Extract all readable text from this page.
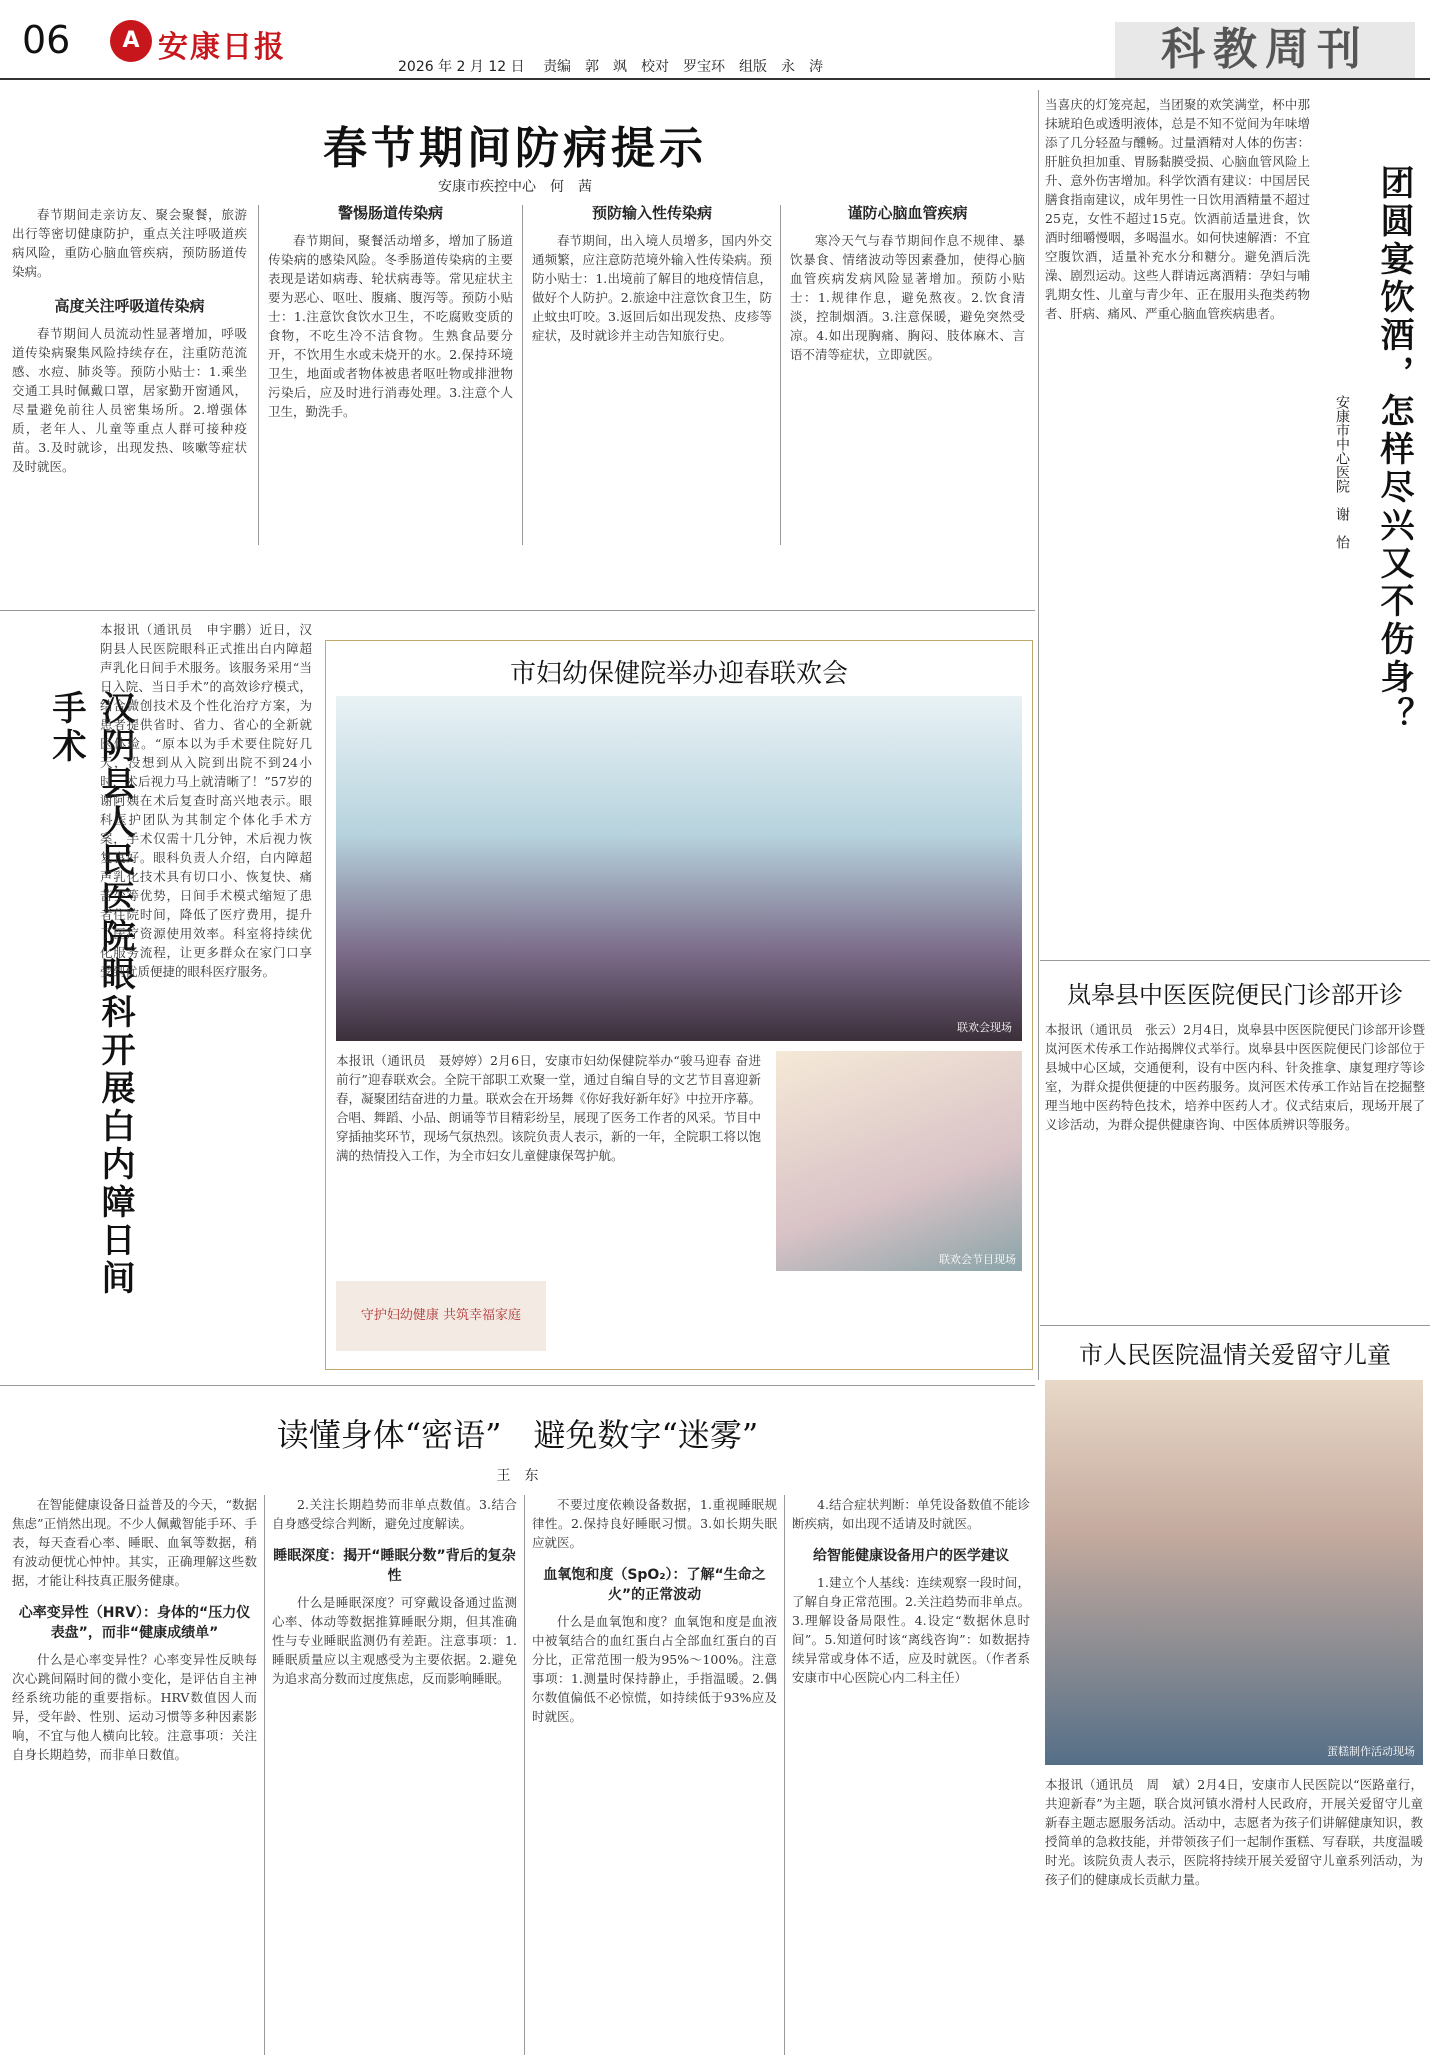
06	A 安康日报
2026 年 2 月 12 日　 责编　郭　飒　校对　罗宝环　组版　永　涛	科教周刊
春节期间防病提示
安康市疾控中心　何　茜
春节期间走亲访友、聚会聚餐，旅游出行等密切健康防护，重点关注呼吸道疾病风险，重防心脑血管疾病，预防肠道传染病。
高度关注呼吸道传染病
春节期间人员流动性显著增加，呼吸道传染病聚集风险持续存在，注重防范流感、水痘、肺炎等。预防小贴士：1.乘坐交通工具时佩戴口罩，居家勤开窗通风，尽量避免前往人员密集场所。2.增强体质，老年人、儿童等重点人群可接种疫苗。3.及时就诊，出现发热、咳嗽等症状及时就医。
警惕肠道传染病
春节期间，聚餐活动增多，增加了肠道传染病的感染风险。冬季肠道传染病的主要表现是诺如病毒、轮状病毒等。常见症状主要为恶心、呕吐、腹痛、腹泻等。预防小贴士：1.注意饮食饮水卫生，不吃腐败变质的食物，不吃生冷不洁食物。生熟食品要分开，不饮用生水或未烧开的水。2.保持环境卫生，地面或者物体被患者呕吐物或排泄物污染后，应及时进行消毒处理。3.注意个人卫生，勤洗手。
预防输入性传染病
春节期间，出入境人员增多，国内外交通频繁，应注意防范境外输入性传染病。预防小贴士：1.出境前了解目的地疫情信息，做好个人防护。2.旅途中注意饮食卫生，防止蚊虫叮咬。3.返回后如出现发热、皮疹等症状，及时就诊并主动告知旅行史。
谨防心脑血管疾病
寒冷天气与春节期间作息不规律、暴饮暴食、情绪波动等因素叠加，使得心脑血管疾病发病风险显著增加。预防小贴士：1.规律作息，避免熬夜。2.饮食清淡，控制烟酒。3.注意保暖，避免突然受凉。4.如出现胸痛、胸闷、肢体麻木、言语不清等症状，立即就医。
当喜庆的灯笼亮起，当团聚的欢笑满堂，杯中那抹琥珀色或透明液体，总是不知不觉间为年味增添了几分轻盈与醺畅。过量酒精对人体的伤害：肝脏负担加重、胃肠黏膜受损、心脑血管风险上升、意外伤害增加。科学饮酒有建议：中国居民膳食指南建议，成年男性一日饮用酒精量不超过25克，女性不超过15克。饮酒前适量进食，饮酒时细嚼慢咽，多喝温水。如何快速解酒：不宜空腹饮酒，适量补充水分和糖分。避免酒后洗澡、剧烈运动。这些人群请远离酒精：孕妇与哺乳期女性、儿童与青少年、正在服用头孢类药物者、肝病、痛风、严重心脑血管疾病患者。	团圆宴饮酒，怎样尽兴又不伤身？
安康市中心医院　谢　怡
汉阴县人民医院眼科开展白内障日间手术
本报讯（通讯员　申宇鹏）近日，汉阴县人民医院眼科正式推出白内障超声乳化日间手术服务。该服务采用“当日入院、当日手术”的高效诊疗模式，结合微创技术及个性化治疗方案，为患者提供省时、省力、省心的全新就医体验。“原本以为手术要住院好几天，没想到从入院到出院不到24小时，术后视力马上就清晰了！”57岁的谢阿姨在术后复查时高兴地表示。眼科医护团队为其制定个体化手术方案，手术仅需十几分钟，术后视力恢复良好。眼科负责人介绍，白内障超声乳化技术具有切口小、恢复快、痛苦少等优势，日间手术模式缩短了患者住院时间，降低了医疗费用，提升了医疗资源使用效率。科室将持续优化服务流程，让更多群众在家门口享受到优质便捷的眼科医疗服务。
市妇幼保健院举办迎春联欢会
联欢会现场
本报讯（通讯员　聂婷婷）2月6日，安康市妇幼保健院举办“骏马迎春 奋进前行”迎春联欢会。全院干部职工欢聚一堂，通过自编自导的文艺节目喜迎新春，凝聚团结奋进的力量。联欢会在开场舞《你好我好新年好》中拉开序幕。合唱、舞蹈、小品、朗诵等节目精彩纷呈，展现了医务工作者的风采。节目中穿插抽奖环节，现场气氛热烈。该院负责人表示，新的一年，全院职工将以饱满的热情投入工作，为全市妇女儿童健康保驾护航。
联欢会节目现场
守护妇幼健康 共筑幸福家庭
岚皋县中医医院便民门诊部开诊
本报讯（通讯员　张云）2月4日，岚皋县中医医院便民门诊部开诊暨岚河医术传承工作站揭牌仪式举行。岚皋县中医医院便民门诊部位于县城中心区域，交通便利，设有中医内科、针灸推拿、康复理疗等诊室，为群众提供便捷的中医药服务。岚河医术传承工作站旨在挖掘整理当地中医药特色技术，培养中医药人才。仪式结束后，现场开展了义诊活动，为群众提供健康咨询、中医体质辨识等服务。
市人民医院温情关爱留守儿童
蛋糕制作活动现场
本报讯（通讯员　周　斌）2月4日，安康市人民医院以“医路童行，共迎新春”为主题，联合岚河镇水滑村人民政府，开展关爱留守儿童新春主题志愿服务活动。活动中，志愿者为孩子们讲解健康知识，教授简单的急救技能，并带领孩子们一起制作蛋糕、写春联，共度温暖时光。该院负责人表示，医院将持续开展关爱留守儿童系列活动，为孩子们的健康成长贡献力量。
读懂身体“密语”　避免数字“迷雾”
王　东
在智能健康设备日益普及的今天，“数据焦虑”正悄然出现。不少人佩戴智能手环、手表，每天查看心率、睡眠、血氧等数据，稍有波动便忧心忡忡。其实，正确理解这些数据，才能让科技真正服务健康。
心率变异性（HRV）：身体的“压力仪表盘”，而非“健康成绩单”
什么是心率变异性？心率变异性反映每次心跳间隔时间的微小变化，是评估自主神经系统功能的重要指标。HRV数值因人而异，受年龄、性别、运动习惯等多种因素影响，不宜与他人横向比较。注意事项：关注自身长期趋势，而非单日数值。
2.关注长期趋势而非单点数值。3.结合自身感受综合判断，避免过度解读。
睡眠深度：揭开“睡眠分数”背后的复杂性
什么是睡眠深度？可穿戴设备通过监测心率、体动等数据推算睡眠分期，但其准确性与专业睡眠监测仍有差距。注意事项：1.睡眠质量应以主观感受为主要依据。2.避免为追求高分数而过度焦虑，反而影响睡眠。
不要过度依赖设备数据，1.重视睡眠规律性。2.保持良好睡眠习惯。3.如长期失眠应就医。
血氧饱和度（SpO₂）：了解“生命之火”的正常波动
什么是血氧饱和度？血氧饱和度是血液中被氧结合的血红蛋白占全部血红蛋白的百分比，正常范围一般为95%～100%。注意事项：1.测量时保持静止，手指温暖。2.偶尔数值偏低不必惊慌，如持续低于93%应及时就医。
4.结合症状判断：单凭设备数值不能诊断疾病，如出现不适请及时就医。
给智能健康设备用户的医学建议
1.建立个人基线：连续观察一段时间，了解自身正常范围。2.关注趋势而非单点。3.理解设备局限性。4.设定“数据休息时间”。5.知道何时该“离线咨询”：如数据持续异常或身体不适，应及时就医。（作者系安康市中心医院心内二科主任）
